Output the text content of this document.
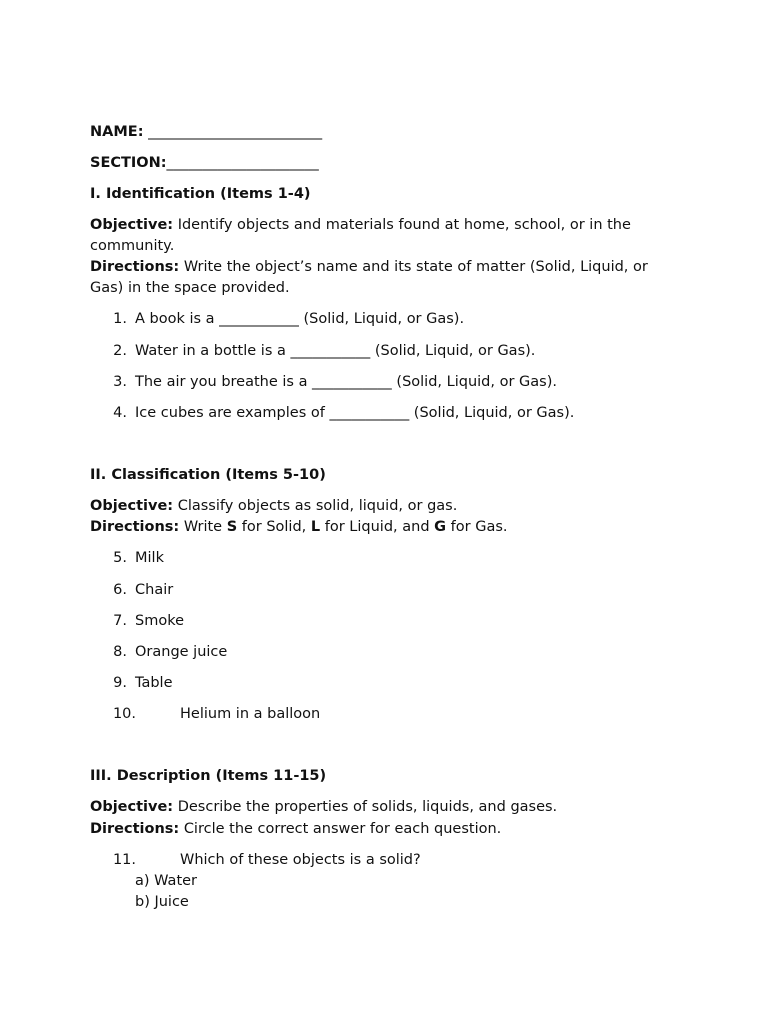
NAME: ________________________
SECTION:_____________________
I. Identification (Items 1-4)
Objective: Identify objects and materials found at home, school, or in the community.
Directions: Write the object’s name and its state of matter (Solid, Liquid, or Gas) in the space provided.
1. A book is a ___________ (Solid, Liquid, or Gas).
2. Water in a bottle is a ___________ (Solid, Liquid, or Gas).
3. The air you breathe is a ___________ (Solid, Liquid, or Gas).
4. Ice cubes are examples of ___________ (Solid, Liquid, or Gas).
II. Classification (Items 5-10)
Objective: Classify objects as solid, liquid, or gas.
Directions: Write S for Solid, L for Liquid, and G for Gas.
5. Milk
6. Chair
7. Smoke
8. Orange juice
9. Table
10.	Helium in a balloon
III. Description (Items 11-15)
Objective: Describe the properties of solids, liquids, and gases.
Directions: Circle the correct answer for each question.
11.	Which of these objects is a solid?
a) Water
b) Juice
